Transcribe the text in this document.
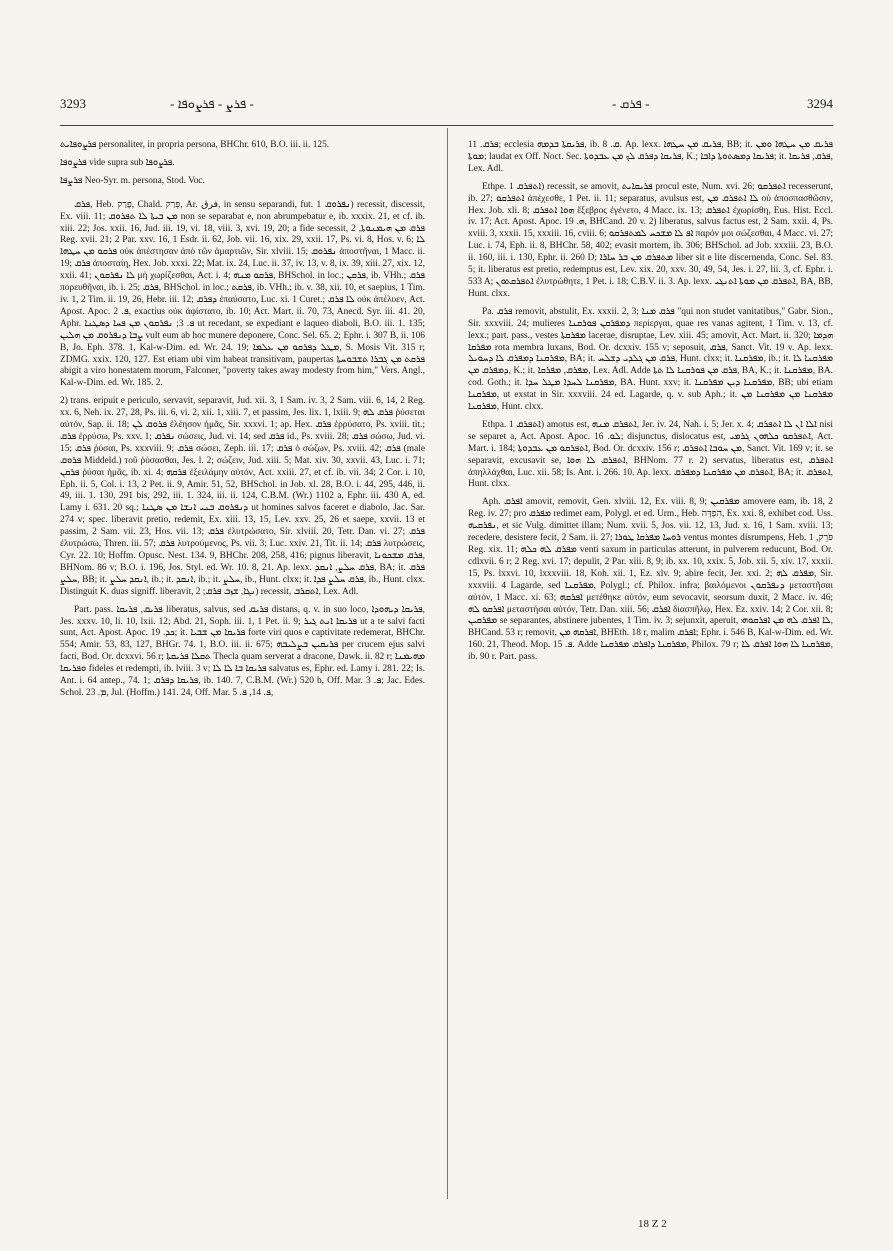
3293	- ܦܪܨ - ܦܪܨܘܦܐ -	- ܦܪܩ -	3294

ܦܪܨܘܦܐܝܬ personaliter, in propria persona, BHChr. 610, B.O. iii. ii. 125.

ܦܪܨܘܦܐ vide supra sub ܦܪܨܘܦܐ.

ܦܪܨܦܐ Neo-Syr. m. persona, Stod. Voc.

ܦܪܩ, Heb. פָּרַק, Chald. פְּרַק, Ar. فرق, in sensu separandi, fut. ܢܦܪܘܩ 1) recessit, discessit, Ex. viii. 11; ܡܢ ܒܝܬܐ ܠܐ ܬܦܪܘܩ non se separabat e, non abrumpebatur e, ib. xxxix. 21, et cf. ib. xiii. 22; Jos. xxii. 16, Jud. iii. 19, vi. 18, viii. 3, xvi. 19, 20; a fide secessit, ܦܪܩ ܡܢ ܗܝܡܢܘܬܐ, 2 Reg. xvii. 21; 2 Par. xxv. 16, 1 Esdr. ii. 62, Job. vii. 16, xix. 29, xxii. 17, Ps. vi. 8, Hos. v. 6; ܠܐ ܦܪܩܘ ܡܢ ܚܛܗܐ οὐκ ἀπέστησαν ἀπὸ τῶν ἁμαρτιῶν, Sir. xlviii. 15; ܢܦܪܘܩ ἀποστῆναι, 1 Macc. ii. 19; ܦܪܩ ἀποσταίη, Hex. Job. xxxi. 22; Mat. ix. 24, Luc. ii. 37, iv. 13, v. 8, ix. 39, xiii. 27, xix. 12, xxii. 41; ܠܐ ܢܦܪܩܘܢ μὴ χωρίζεσθαι, Act. i. 4; ܦܪܩܘ ܡܢܗ, BHSchol. in loc.; ܦܪܩܢ, ib. VHh.; ܦܪܩ πορευθῆναι, ib. i. 25; ܦܪܩ, BHSchol. in loc.; ܦܪܩܬ, ib. VHh.; ib. v. 38, xii. 10, et saepius, 1 Tim. iv. 1, 2 Tim. ii. 19, 26, Hebr. iii. 12; ܕܦܪܩ ἐπαύσατο, Luc. xi. 1 Curet.; ܠܐ ܦܪܩ οὐκ ἀπέλυεν, Act. Apost. Apoc. ܦ. 2, exactius οὐκ ἀφίστατο, ib. 10; Act. Mart. ii. 70, 73, Anecd. Syr. iii. 41. 20, Aphr. ܦ. 3; ܢܦܪܩܘܢ ܡܢ ܦܚܐ ܕܣܛܢܐ ut recedant, se expediant e laqueo diaboli, B.O. iii. 1. 135; ܨܒܐ ܕܢܦܪܘܩ ܡܢ ܗܠܝܢ vult eum ab hoc munere deponere, Conc. Sel. 65. 2; Ephr. i. 307 B, ii. 106 B, Jo. Eph. 378. 1, Kal-w-Dim. ed. Wr. 24. 19; ܡܛܠ ܕܦܪܩܘ ܡܢ ܥܠܡܐ, S. Mosis Vit. 315 r; ZDMG. xxix. 120, 127. Est etiam ubi vim habeat transitivam, paupertas ܦܪܩܬ ܡܢ ܓܒܪܐ ܬܫܒܘܚܬܐ abigit a viro honestatem morum, Falconer, "poverty takes away modesty from him," Vers. Angl., Kal-w-Dim. ed. Wr. 185. 2.

2) trans. eripuit e periculo, servavit, separavit, Jud. xii. 3, 1 Sam. iv. 3, 2 Sam. viii. 6, 14, 2 Reg. xx. 6, Neh. ix. 27, 28, Ps. iii. 6, vi. 2, xii. 1, xiii. 7, et passim, Jes. lix. 1, lxiii. 9; ܦܪܩ ܠܗ ῥύσεται αὐτόν, Sap. ii. 18; ܦܪܘܩ ܠܢ ἐλέησον ἡμᾶς, Sir. xxxvi. 1; ap. Hex. ܦܪܩ ἐρρύσατο, Ps. xviii. tit.; ܦܪܩ ἐρρύσω, Ps. xxv. 1; ܢܦܪܩ σώσεις, Jud. vi. 14; sed ܦܪܩ id., Ps. xviii. 28; ܦܪܩ σώσω, Jud. vi. 15; ܦܪܩ ῥύσαι, Ps. xxxviii. 9; ܦܪܩ σώσει, Zeph. iii. 17; ܦܪܩ ὁ σώζων, Ps. xviii. 42; ܦܪܩ (male ܦܪܘܩ Middeld.) τοῦ ῥύσασθαι, Jes. l. 2; σώζειν, Jud. xiii. 5; Mat. xiv. 30, xxvii. 43, Luc. i. 71; ܦܪܩܢ ῥύσαι ἡμᾶς, ib. xi. 4; ܦܪܩܗ ἐξειλάμην αὐτόν, Act. xxiii. 27, et cf. ib. vii. 34; 2 Cor. i. 10, Eph. ii. 5, Col. i. 13, 2 Pet. ii. 9, Amir. 51, 52, BHSchol. in Job. xl. 28, B.O. i. 44, 295, 446, ii. 49, iii. 1. 130, 291 bis, 292, iii. 1. 324, iii. ii. 124, C.B.M. (Wr.) 1102 a, Ephr. iii. 430 A, ed. Lamy i. 631. 20 sq.; ܕܢܦܪܘܩ ܒܢܝ ܐܢܫܐ ܡܢ ܣܛܢܐ ut homines salvos faceret e diabolo, Jac. Sar. 274 v; spec. liberavit pretio, redemit, Ex. xiii. 13, 15, Lev. xxv. 25, 26 et saepe, xxvii. 13 et passim, 2 Sam. vii. 23, Hos. vii. 13; ܦܪܩ ἐλυτρώσατο, Sir. xlviii. 20, Tetr. Dan. vi. 27; ܦܪܩ ἐλυτρώσω, Thren. iii. 57; ܦܪܩ λυτρούμενος, Ps. vii. 3; Luc. xxiv. 21, Tit. ii. 14; ܦܪܩ λυτρώσεις, Cyr. 22. 10; Hoffm. Opusc. Nest. 134. 9, BHChr. 208, 258, 416; pignus liberavit, ܦܪܩ ܡܫܟܘܢܐ, BHNom. 86 v; B.O. i. 196, Jos. Styl. ed. Wr. 10. 8, 21. Ap. lexx. ܦܪܩ ܚܠܨ, ܐܢܩܕ, BA; it. ܦܪܩ ܚܠܨ, BB; it. ܐܢܩܕ ܚܠܨ, ib.; it. ܐܢܩܕ, ib.; it. ܚܠܨ, ib., Hunt. clxx; it. ܦܪܩ ܚܠܨ ܦܕܐ, ib., Hunt. clxx. Distinguit K. duas signiff. liberavit, ܢܓܐ, ܫܙܒ ܦܪܩ; 2) recessit, ܐܬܩܪܒ, Lex. Adl.

Part. pass. ܦܪܝܩ, ܦܪܝܩܐ liberatus, salvus, sed ܦܪܝܩ distans, q. v. in suo loco, ܦܪܝܩܐ ܕܝܗܘܕܐ, Jes. xxxv. 10, li. 10, lxii. 12; Abd. 21, Soph. iii. 1, 1 Pet. ii. 9; ܦܪܝܩܐ ܐܢܬ ܓܝܪ ut a te salvi facti sunt, Act. Apost. Apoc. ܟܕ. 19; it. ܦܪܝܩܐ ܡܢ ܫܒܝܐ forte viri quos e captivitate redemerat, BHChr. 554; Amir. 53, 83, 127, BHGr. 74. 1, B.O. iii. ii. 675; ܦܪܝܩܝܢ ܒܨܠܝܒܗ per crucem ejus salvi facti, Bod. Or. dcxxvi. 56 r; ܬܩܠܐ ܦܪܝܩܬܐ Thecla quam serverat a dracone, Dawk. ii. 82 r; ܡܗܝܡܢܐ ܘܦܪܝܩܐ fideles et redempti, ib. lviii. 3 v; ܦܪܝܩܐ ܒܐ ܠܐ ܠܐ salvatus es, Ephr. ed. Lamy i. 281. 22; Is. Ant. i. 64 antep., 74. 1; ܦܪܝܩܐ ܕܦܪܩ, ib. 140. 7, C.B.M. (Wr.) 520 b, Off. Mar. ܦ. 3; Jac. Edes. Schol. ܡ. 23, Jul. (Hoffm.) 141. 24, Off. Mar. ܦ. 14, ܦ. 5,

ܦܪܩ. 11; ecclesia ܦܪܝܩܬܐ ܒܕܡܗ, ib. ܩ. 8. Ap. lexx. ܦܪܝܩ ܡܢ ܚܛܗܐ, BB; it. ܦܪܝܩ ܡܢ ܚܛܗܐ ܘܡܢ ܡܘܬܐ; laudat ex Off. Noct. Sec. ܦܪܝܩܐ ܕܦܪܩ ܠܟ ܡܢ ܥܒܕܘܬܐ, K.; ܦܪܝܩܐ ܕܡܣܬܘܬܐ ܕܐܒܐ; it. ܦܪܩ, ܦܪܝܩܐ, Lex. Adl.

Ethpe. ܐܬܦܪܩ 1) recessit, se amovit, ܦܪܝܩܐܝܬ procul este, Num. xvi. 26; ܐܬܦܪܩܘ recesserunt, ib. 27; ܐܬܦܪܩܘ ἀπέχεσθε, 1 Pet. ii. 11; separatus, avulsus est, ܠܐ ܐܬܦܪܩ ܡܢ οὐ ἀποσπασθῶσιν, Hex. Job. xli. 8; ܗܘܐ ܐܬܦܪܩ ἔξεβρος ἐγένετο, 4 Macc. ix. 13; ܐܬܦܪܩ ἐχωρίσθη, Eus. Hist. Eccl. iv. 17; Act. Apost. Apoc. ܗ. 19, BHCand. 20 v. 2) liberatus, salvus factus est, 2 Sam. xxii. 4, Ps. xviii. 3, xxxii. 15, xxxiii. 16, cviii. 6; ܐܦ ܠܐ ܡܫܟܚ ܠܡܬܦܪܩܘ παρόν μοι σώζεσθαι, 4 Macc. vi. 27; Luc. i. 74, Eph. ii. 8, BHChr. 58, 402; evasit mortem, ib. 306; BHSchol. ad Job. xxxiii. 23, B.O. ii. 160, iii. i. 130, Ephr. ii. 260 D; ܡܬܦܪܩ ܡܢ ܒܪ ܚܐܪܐ liber sit e lite discernenda, Conc. Sel. 83. 5; it. liberatus est pretio, redemptus est, Lev. xix. 20, xxv. 30, 49, 54, Jes. i. 27, lii. 3, cf. Ephr. i. 533 A; ܐܬܦܪܩܬܘܢ ἐλυτρώθητε, 1 Pet. i. 18; C.B.V. ii. 3. Ap. lexx. ܐܬܦܪܩ ܡܢ ܡܘܬܐ ܐܬܢܓܝ, BA, BB, Hunt. clxx.

Pa. ܦܪܩ removit, abstulit, Ex. xxxii. 2, 3; ܦܪܩ ܡܢܐ "qui non studet vanitatibus," Gabr. Sion., Sir. xxxviii. 24; mulieres ܕܡܦܪܩܢ ܦܘܪܩܢܐ περίεργαι, quae res vanas agitent, 1 Tim. v. 13, cf. lexx.; part. pass., vestes ܡܦܪܩܬܐ lacerae, disruptae, Lev. xiii. 45; amovit, Act. Mart. ii. 320; ܗܕܡܐ ܡܦܪܩܐ rota membra luxans, Bod. Or. dcxxiv. 155 v; seposuit, ܦܪܩ, Sanct. Vit. 19 v. Ap. lexx. ܡܦܪܩܢܐ ܕܡܦܪܩ ܠܐ ܕܚܘܝܠ, BA; it. ܦܪܩ ܡܢ ܓܠܕܝ ܕܫܠܚ, Hunt. clxx; it. ܡܦܪܩܢܐ, ib.; it. ܡܦܪܩܢܐ ܠܐ ܕܡܦܪܩ ܡܢ, K.; it. ܡܦܪܩ, ܡܦܪܩܐ, Lex. Adl. Adde ܦܪܩ ܡܢ ܦܘܪܩܢܐ ܠܐ ܬܬܐ, BA, K.; it. ܡܦܪܩܢܐ, BA. cod. Goth.; it. ܡܦܪܩܢܐ ܠܚܕܐ ܡܛܠ ܚܕܐ, BA. Hunt. xxv; it. ܡܦܪܩܢܐ ܕܝܢ ܡܦܪܩܢܐ, BB; ubi etiam ܡܦܪܩܢܐ, ut exstat in Sir. xxxviii. 24 ed. Lagarde, q. v. sub Aph.; it. ܡܦܪܩܢܐ ܡܢ ܡܦܪܩܢܐ ܡܢ ܡܦܪܩܢܐ, Hunt. clxx.

Ethpa. ܐܬܦܪܩ 1) amotus est, ܐܬܦܪܩ ܡܢܗ, Jer. iv. 24, Nah. i. 5; Jer. x. 4; ܐܠܐ ܐܢ ܠܐ ܐܬܦܪܩ nisi se separet a, Act. Apost. Apoc. ܠܘ. 16; disjunctus, dislocatus est, ܐܬܦܪܩܘ ܟܠܗܘܢ ܓܪܡܝ, Act. Mart. i. 184; ܐܬܦܪܩܘ ܡܢ ܥܒܕܘܬܐ, Bod. Or. dcxxiv. 156 r; ܡܢ ܚܘܒܐ ܐܬܦܪܩ, Sanct. Vit. 169 v; it. se separavit, excusavit se, ܐܬܦܪܩ ܠܐ ܗܘܐ, BHNom. 77 r. 2) servatus, liberatus est, ܐܬܦܪܩ ἀπηλλάχθαι, Luc. xii. 58; Is. Ant. i. 266. 10. Ap. lexx. ܐܬܦܪܩ ܡܢ ܡܦܪܩܢܐ ܕܡܦܪܩ, BA; it. ܐܬܦܪܩ, Hunt. clxx.

Aph. ܐܦܪܩ amovit, removit, Gen. xlviii. 12, Ex. viii. 8, 9; ܡܦܪܩܝܢ amovere eam, ib. 18, 2 Reg. iv. 27; pro ܡܦܪܩ redimet eam, Polygl. et ed. Urm., Heb. הִפְדָּה, Ex. xxi. 8, exhibet cod. Uss. ܢܦܪܩܝܗ, et sic Vulg. dimittet illam; Num. xvii. 5, Jos. vii. 12, 13, Jud. x. 16, 1 Sam. xviii. 13; recedere, desistere fecit, 2 Sam. ii. 27; ܪܘܚܐ ܡܦܪܩܐ ܛܘܪܐ ventus montes disrumpens, Heb. פֹּרֵק, 1 Reg. xix. 11; ܡܦܪܩ ܠܗ ܟܠܗ venti saxum in particulas atterunt, in pulverem reducunt, Bod. Or. cdlxvii. 6 r; 2 Reg. xvi. 17; depulit, 2 Par. xiii. 8, 9; ib. xx. 10, xxix. 5, Job. xii. 5, xiv. 17, xxxii. 15, Ps. lxxvi. 10, lxxxviii. 18, Koh. xii. 1, Ez. xlv. 9; abire fecit, Jer. xxi. 2; ܡܦܪܩ ܠܗ, Sir. xxxviii. 4 Lagarde, sed ܡܦܪܩܢܐ, Polygl.; cf. Philox. infra; βαιλόμενοι ܕܢܦܪܩܘܢ μεταστῆσαι αὐτόν, 1 Macc. xi. 63; ܐܦܪܩܗ μετέθηκε αὐτόν, eum sevocavit, seorsum duxit, 2 Macc. iv. 46; ܐܦܪܩܘ ܠܗ μεταστήσαι αὐτόν, Tetr. Dan. xiii. 56; ܐܦܪܩ διασπῆλῳ, Hex. Ez. xxiv. 14; 2 Cor. xii. 8; ܡܦܪܩܝܢ se separantes, abstinere jubentes, 1 Tim. iv. 3; sejunxit, aperuit, ܠܐ ܐܦܪܩ ܠܗ ܡܢ ܐܦܪܩܘܗܝ, BHCand. 53 r; removit, ܐܦܪܩܗ ܡܢ, BHEth. 18 r, malim ܐܦܪܩ; Ephr. i. 546 B, Kal-w-Dim. ed. Wr. 160. 21, Theod. Mop. ܦ. 15. Adde ܡܦܪܩܢܐ ܕܐܦܪܩ ܡܦܪܩܢܐ, Philox. 79 r; ܡܦܪܩܢܐ ܠܐ ܗܘܐ ܐܦܪܩ ܠܐ, ib. 90 r. Part. pass.

18 Z 2
